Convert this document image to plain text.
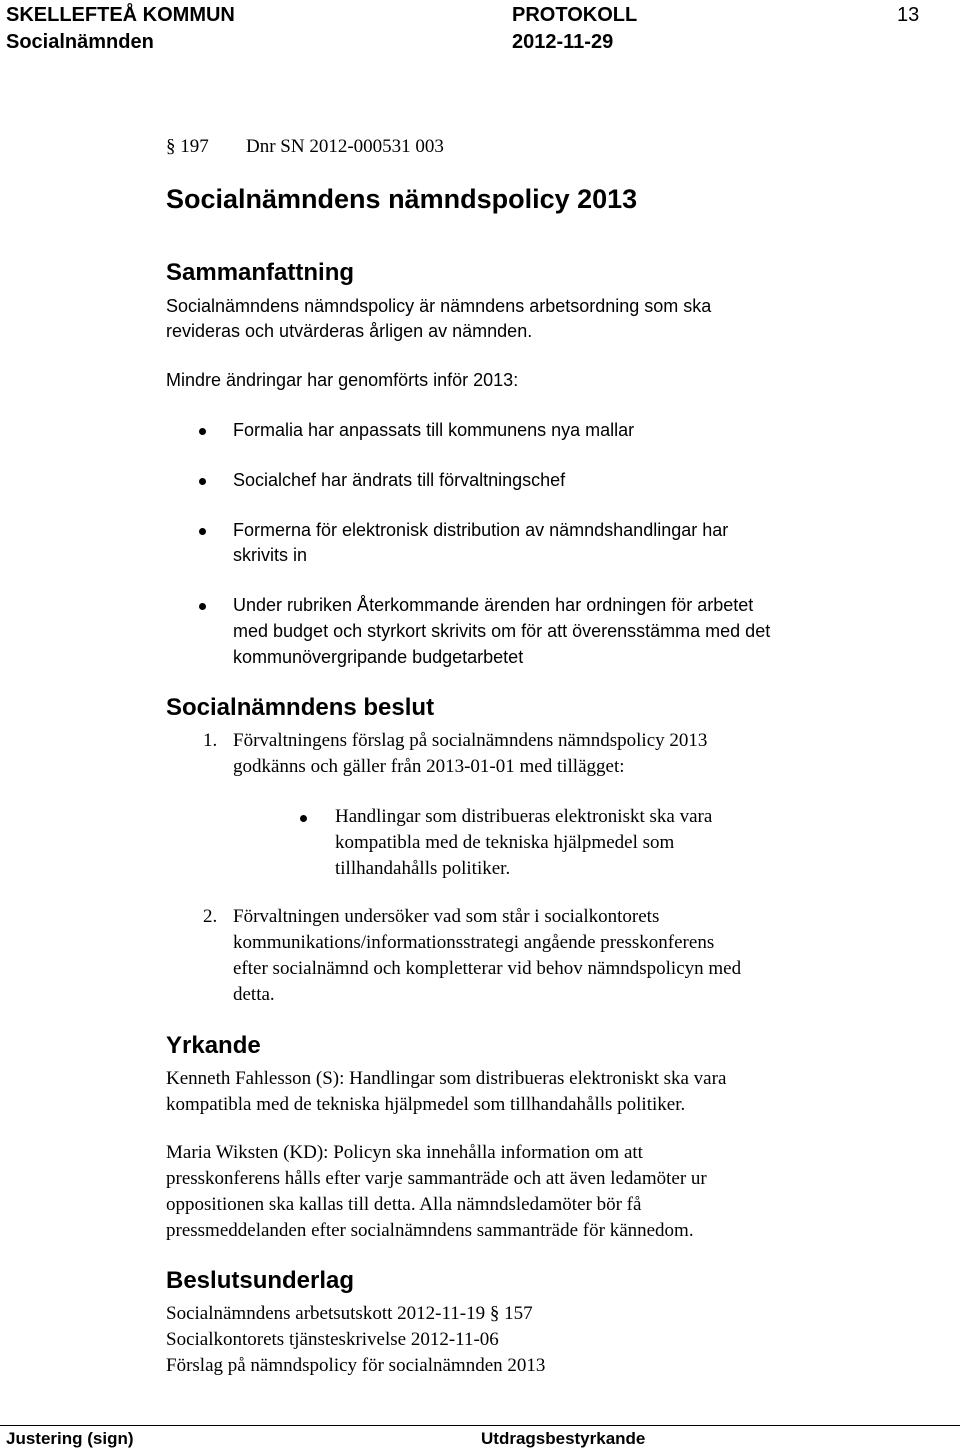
SKELLEFTEÅ KOMMUN	PROTOKOLL	13
Socialnämnden	2012-11-29
§ 197 Dnr SN 2012-000531 003
Socialnämndens nämndspolicy 2013
Sammanfattning
Socialnämndens nämndspolicy är nämndens arbetsordning som ska
revideras och utvärderas årligen av nämnden.
Mindre ändringar har genomförts inför 2013:
Formalia har anpassats till kommunens nya mallar
Socialchef har ändrats till förvaltningschef
Formerna för elektronisk distribution av nämndshandlingar har
skrivits in
Under rubriken Återkommande ärenden har ordningen för arbetet
med budget och styrkort skrivits om för att överensstämma med det
kommunövergripande budgetarbetet
Socialnämndens beslut
1. Förvaltningens förslag på socialnämndens nämndspolicy 2013
godkänns och gäller från 2013-01-01 med tillägget:
Handlingar som distribueras elektroniskt ska vara
kompatibla med de tekniska hjälpmedel som
tillhandahålls politiker.
2. Förvaltningen undersöker vad som står i socialkontorets
kommunikations/informationsstrategi angående presskonferens
efter socialnämnd och kompletterar vid behov nämndspolicyn med
detta.
Yrkande
Kenneth Fahlesson (S): Handlingar som distribueras elektroniskt ska vara
kompatibla med de tekniska hjälpmedel som tillhandahålls politiker.
Maria Wiksten (KD): Policyn ska innehålla information om att
presskonferens hålls efter varje sammanträde och att även ledamöter ur
oppositionen ska kallas till detta. Alla nämndsledamöter bör få
pressmeddelanden efter socialnämndens sammanträde för kännedom.
Beslutsunderlag
Socialnämndens arbetsutskott 2012-11-19 § 157
Socialkontorets tjänsteskrivelse 2012-11-06
Förslag på nämndspolicy för socialnämnden 2013
Justering (sign)	Utdragsbestyrkande
